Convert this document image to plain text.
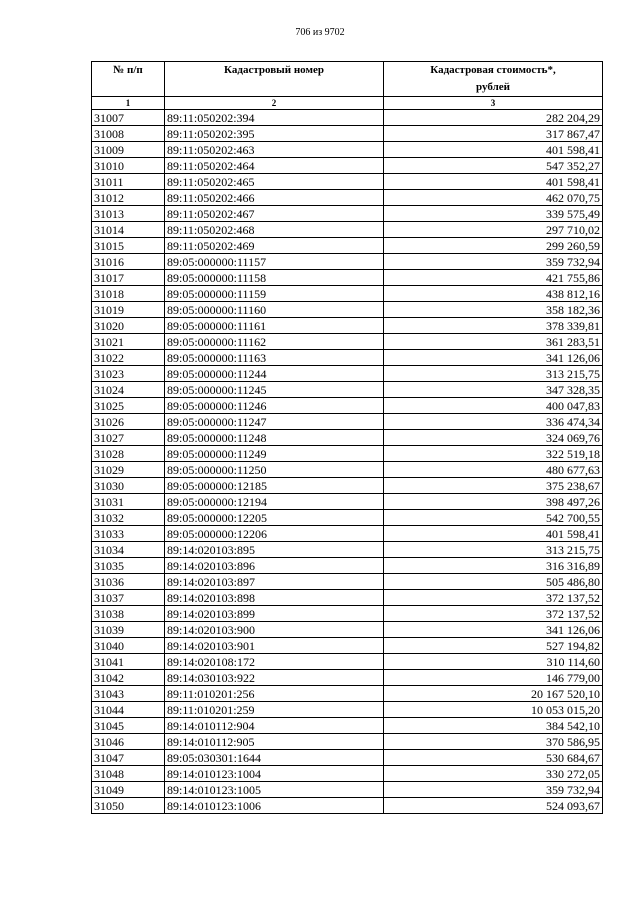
706 из 9702
№ п/п	Кадастровый номер	Кадастровая стоимость*, рублей
1	2	3
31007	89:11:050202:394	282 204,29
31008	89:11:050202:395	317 867,47
31009	89:11:050202:463	401 598,41
31010	89:11:050202:464	547 352,27
31011	89:11:050202:465	401 598,41
31012	89:11:050202:466	462 070,75
31013	89:11:050202:467	339 575,49
31014	89:11:050202:468	297 710,02
31015	89:11:050202:469	299 260,59
31016	89:05:000000:11157	359 732,94
31017	89:05:000000:11158	421 755,86
31018	89:05:000000:11159	438 812,16
31019	89:05:000000:11160	358 182,36
31020	89:05:000000:11161	378 339,81
31021	89:05:000000:11162	361 283,51
31022	89:05:000000:11163	341 126,06
31023	89:05:000000:11244	313 215,75
31024	89:05:000000:11245	347 328,35
31025	89:05:000000:11246	400 047,83
31026	89:05:000000:11247	336 474,34
31027	89:05:000000:11248	324 069,76
31028	89:05:000000:11249	322 519,18
31029	89:05:000000:11250	480 677,63
31030	89:05:000000:12185	375 238,67
31031	89:05:000000:12194	398 497,26
31032	89:05:000000:12205	542 700,55
31033	89:05:000000:12206	401 598,41
31034	89:14:020103:895	313 215,75
31035	89:14:020103:896	316 316,89
31036	89:14:020103:897	505 486,80
31037	89:14:020103:898	372 137,52
31038	89:14:020103:899	372 137,52
31039	89:14:020103:900	341 126,06
31040	89:14:020103:901	527 194,82
31041	89:14:020108:172	310 114,60
31042	89:14:030103:922	146 779,00
31043	89:11:010201:256	20 167 520,10
31044	89:11:010201:259	10 053 015,20
31045	89:14:010112:904	384 542,10
31046	89:14:010112:905	370 586,95
31047	89:05:030301:1644	530 684,67
31048	89:14:010123:1004	330 272,05
31049	89:14:010123:1005	359 732,94
31050	89:14:010123:1006	524 093,67
